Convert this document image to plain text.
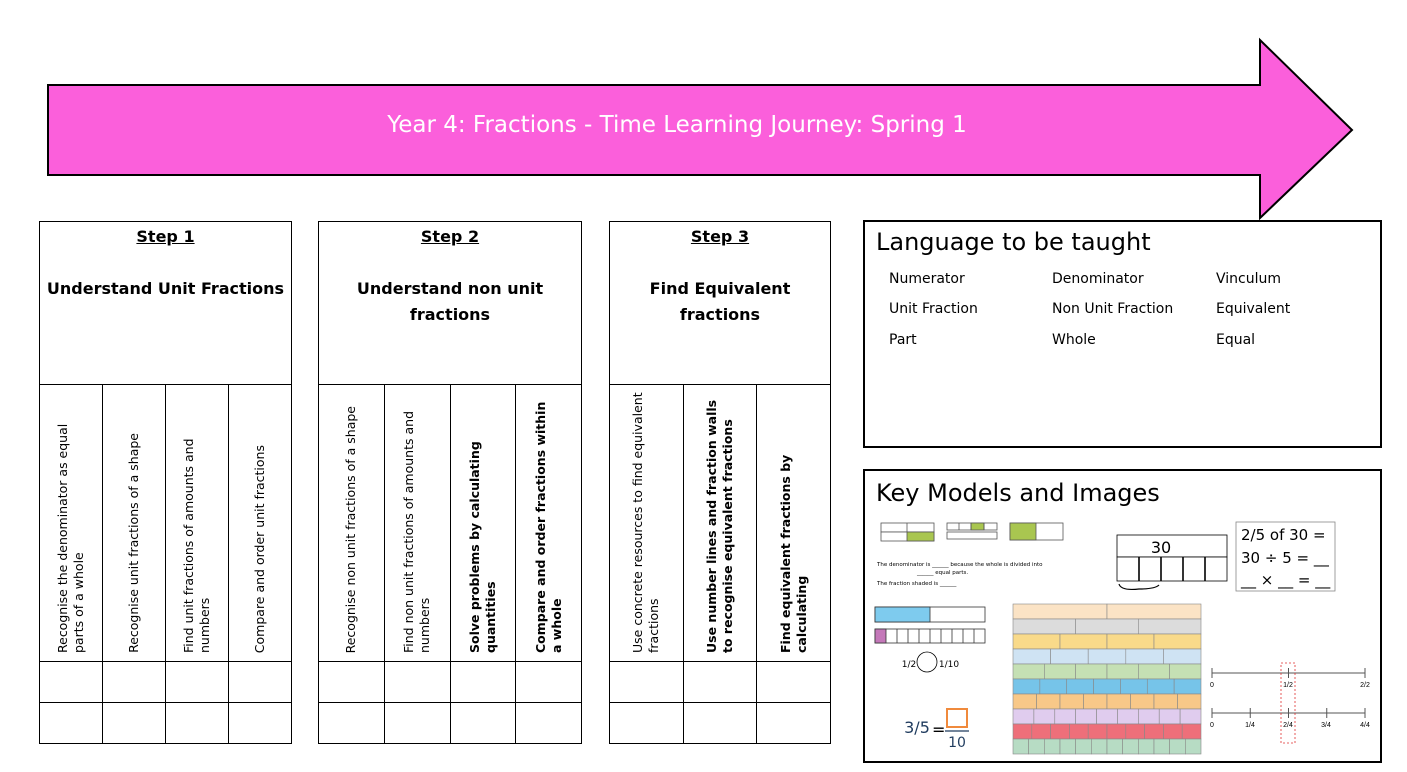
Year 4: Fractions - Time Learning Journey: Spring 1
Step 1
Understand Unit Fractions			

Recognise the denominator as equal parts of a whole	Recognise unit fractions of a shape	Find unit fractions of amounts and numbers	Compare and order unit fractions

Step 2
Understand non unit fractions			

Recognise non unit fractions of a shape	Find non unit fractions of amounts and numbers	Solve problems by calculating quantities	Compare and order fractions within a whole

Step 3
Find Equivalent fractions		

Use concrete resources to find equivalent fractions	Use number lines and fraction walls to recognise equivalent fractions	Find equivalent fractions by calculating

Language to be taught
Numerator	Denominator	Vinculum
Unit Fraction	Non Unit Fraction	Equivalent
Part	Whole	Equal
Key Models and Images
The denominator is ______ because the whole is divided into
______ equal parts.
The fraction shaded is ______
30
2/5 of 30 =
30 ÷ 5 = __
__ × __ = __
1/2	1/10
3/5 =
10
0	1/2	2/2
0	1/4	2/4	3/4	4/4
